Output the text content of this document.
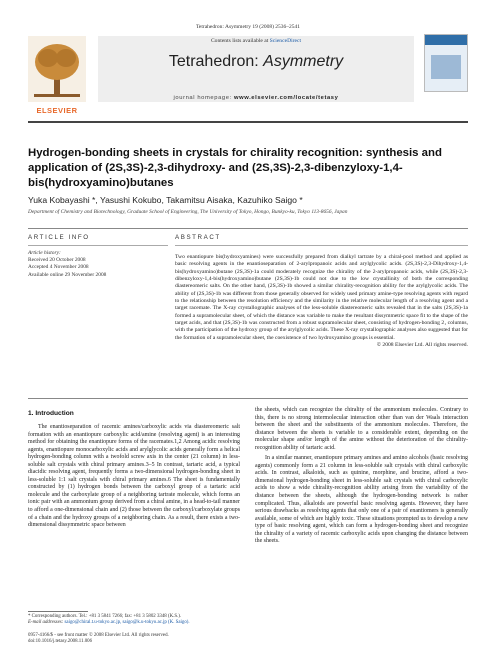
Tetrahedron: Asymmetry 19 (2008) 2536–2541
ELSEVIER
Contents lists available at ScienceDirect
Tetrahedron: Asymmetry
journal homepage: www.elsevier.com/locate/tetasy
Hydrogen-bonding sheets in crystals for chirality recognition: synthesis and application of (2S,3S)-2,3-dihydroxy- and (2S,3S)-2,3-dibenzyloxy-1,4-bis(hydroxyamino)butanes
Yuka Kobayashi *, Yasushi Kokubo, Takamitsu Aisaka, Kazuhiko Saigo *
Department of Chemistry and Biotechnology, Graduate School of Engineering, The University of Tokyo, Hongo, Bunkyo-ku, Tokyo 113-8656, Japan
ARTICLE INFO

Article history:

Received 20 October 2008

Accepted 4 November 2008

Available online 29 November 2008

ABSTRACT

Two enantiopure bis(hydroxyamines) were successfully prepared from dialkyl tartrate by a chiral-pool method and applied as basic resolving agents in the enantioseparation of 2-arylpropanoic acids and arylglycolic acids. (2S,3S)-2,3-Dihydroxy-1,4-bis(hydroxyamino)butane (2S,3S)-1a could moderately recognize the chirality of the 2-arylpropanoic acids, while (2S,3S)-2,3-dibenzyloxy-1,4-bis(hydroxyamino)butane (2S,3S)-1b could not due to the low crystallinity of both the corresponding diastereomeric salts. On the other hand, (2S,3S)-1b showed a similar chirality-recognition ability for the arylglycolic acids. The ability of (2S,3S)-1b was different from those generally observed for widely used primary amine-type resolving agents with regard to the relationship between the resolution efficiency and the similarity in the relative molecular length of a resolving agent and a target racemate. The X-ray crystallographic analyses of the less-soluble diastereomeric salts revealed that in the salts (2S,3S)-1a formed a supramolecular sheet, of which the distance was variable to make the resultant dissymmetric space fit to the shape of the target acids, and that (2S,3S)-1b was constructed from a robust supramolecular sheet, consisting of hydrogen-bonding 2₁ columns, with the participation of the hydroxy group of the arylglycolic acids. These X-ray crystallographic analyses also suggested that for the formation of a supramolecular sheet, the coexistence of two hydroxyamino groups is essential.

© 2008 Elsevier Ltd. All rights reserved.

1. Introduction

The enantioseparation of racemic amines/carboxylic acids via diastereomeric salt formation with an enantiopure carboxylic acid/amine (resolving agent) is an interesting method for obtaining the enantiopure forms of the racemates.1,2 Among acidic resolving agents, enantiopure monocarboxylic acids and arylglycolic acids generally form a helical hydrogen-bonding column with a twofold screw axis in the center (21 column) in less-soluble salt crystals with chiral primary amines.3–5 In contrast, tartaric acid, a typical diacidic resolving agent, frequently forms a two-dimensional hydrogen-bonding sheet in less-soluble 1:1 salt crystals with chiral primary amines.6 The sheet is fundamentally constructed by (1) hydrogen bonds between the carboxyl group of a tartaric acid molecule and the carboxylate group of a neighboring tartrate molecule, which forms an ionic pair with an ammonium group derived from a chiral amine, in a head-to-tail manner to afford a one-dimensional chain and (2) those between the carboxyl/carboxylate groups of a chain and the hydroxy groups of a neighboring chain. As a result, there exists a two-dimensional dissymmetric space between

the sheets, which can recognize the chirality of the ammonium molecules. Contrary to this, there is no strong intermolecular interaction other than van der Waals interaction between the sheet and the substituents of the ammonium molecules. Therefore, the distance between the sheets is variable to a considerable extent, depending on the molecular shape and/or length of the amine without the deterioration of the chirality-recognition ability of tartaric acid.

In a similar manner, enantiopure primary amines and amino alcohols (basic resolving agents) commonly form a 21 column in less-soluble salt crystals with chiral carboxylic acids. In contrast, alkaloids, such as quinine, morphine, and brucine, afford a two-dimensional hydrogen-bonding sheet in less-soluble salt crystals with chiral carboxylic acids to show a wide chirality-recognition ability arising from the variability of the distance between the sheets, although the hydrogen-bonding network is rather complicated. Thus, alkaloids are powerful basic resolving agents. However, they have serious drawbacks as resolving agents that only one of a pair of enantiomers is generally available, some of which are highly toxic. These situations prompted us to develop a new type of basic resolving agent, which can form a hydrogen-bonding sheet and recognize the chirality of a variety of racemic carboxylic acids upon changing the distance between the sheets.

* Corresponding authors. Tel.: +81 3 5841 7266; fax: +81 3 5802 3348 (K.S.).

E-mail addresses: saigo@chiral.t.u-tokyo.ac.jp, saigo@k.u-tokyo.ac.jp (K. Saigo).

0957-4166/$ - see front matter © 2008 Elsevier Ltd. All rights reserved.

doi:10.1016/j.tetasy.2008.11.006
